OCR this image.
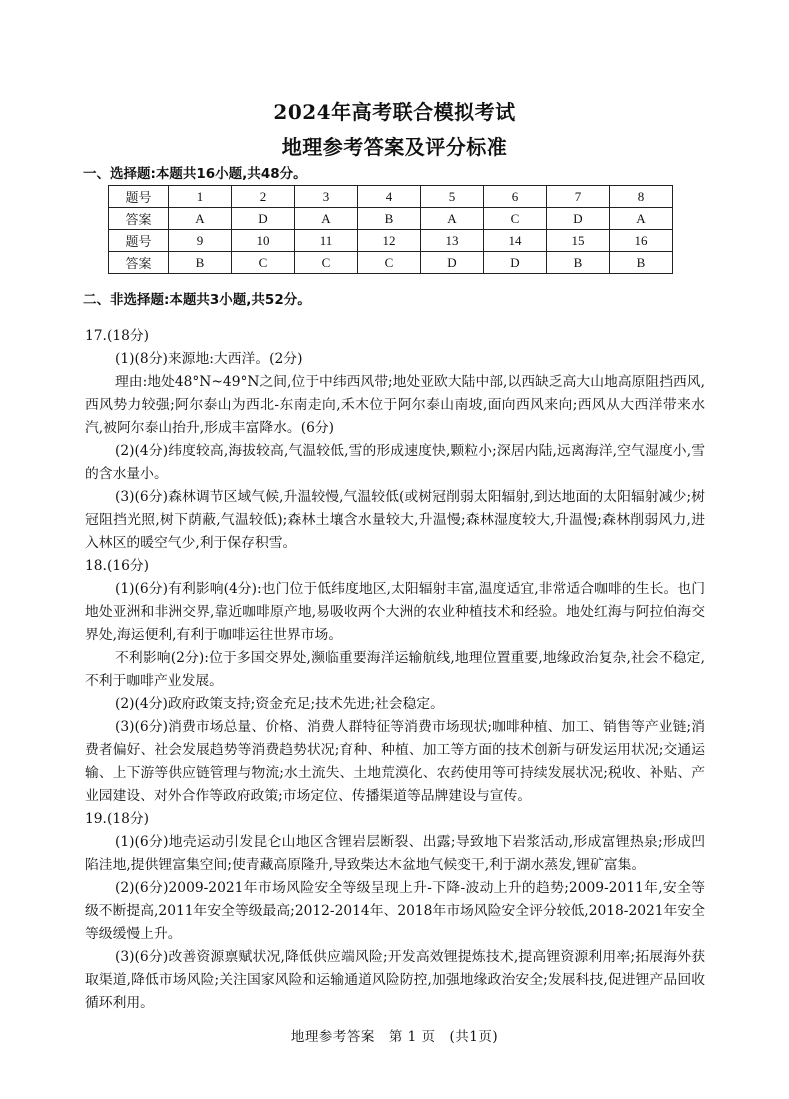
2024年高考联合模拟考试
地理参考答案及评分标准
一、选择题:本题共16小题,共48分。
题号	1	2	3	4	5	6	7	8
答案	A	D	A	B	A	C	D	A
题号	9	10	11	12	13	14	15	16
答案	B	C	C	C	D	D	B	B
二、非选择题:本题共3小题,共52分。
17.(18分)

(1)(8分)来源地:大西洋。(2分)

理由:地处48°N~49°N之间,位于中纬西风带;地处亚欧大陆中部,以西缺乏高大山地高原阻挡西风,西风势力较强;阿尔泰山为西北-东南走向,禾木位于阿尔泰山南坡,面向西风来向;西风从大西洋带来水汽,被阿尔泰山抬升,形成丰富降水。(6分)

(2)(4分)纬度较高,海拔较高,气温较低,雪的形成速度快,颗粒小;深居内陆,远离海洋,空气湿度小,雪的含水量小。

(3)(6分)森林调节区域气候,升温较慢,气温较低(或树冠削弱太阳辐射,到达地面的太阳辐射减少;树冠阻挡光照,树下荫蔽,气温较低);森林土壤含水量较大,升温慢;森林湿度较大,升温慢;森林削弱风力,进入林区的暖空气少,利于保存积雪。

18.(16分)

(1)(6分)有利影响(4分):也门位于低纬度地区,太阳辐射丰富,温度适宜,非常适合咖啡的生长。也门地处亚洲和非洲交界,靠近咖啡原产地,易吸收两个大洲的农业种植技术和经验。地处红海与阿拉伯海交界处,海运便利,有利于咖啡运往世界市场。

不利影响(2分):位于多国交界处,濒临重要海洋运输航线,地理位置重要,地缘政治复杂,社会不稳定,不利于咖啡产业发展。

(2)(4分)政府政策支持;资金充足;技术先进;社会稳定。

(3)(6分)消费市场总量、价格、消费人群特征等消费市场现状;咖啡种植、加工、销售等产业链;消费者偏好、社会发展趋势等消费趋势状况;育种、种植、加工等方面的技术创新与研发运用状况;交通运输、上下游等供应链管理与物流;水土流失、土地荒漠化、农药使用等可持续发展状况;税收、补贴、产业园建设、对外合作等政府政策;市场定位、传播渠道等品牌建设与宣传。

19.(18分)

(1)(6分)地壳运动引发昆仑山地区含锂岩层断裂、出露;导致地下岩浆活动,形成富锂热泉;形成凹陷洼地,提供锂富集空间;使青藏高原隆升,导致柴达木盆地气候变干,利于湖水蒸发,锂矿富集。

(2)(6分)2009-2021年市场风险安全等级呈现上升-下降-波动上升的趋势;2009-2011年,安全等级不断提高,2011年安全等级最高;2012-2014年、2018年市场风险安全评分较低,2018-2021年安全等级缓慢上升。

(3)(6分)改善资源禀赋状况,降低供应端风险;开发高效锂提炼技术,提高锂资源利用率;拓展海外获取渠道,降低市场风险;关注国家风险和运输通道风险防控,加强地缘政治安全;发展科技,促进锂产品回收循环利用。

地理参考答案　第 1 页　(共1页)
